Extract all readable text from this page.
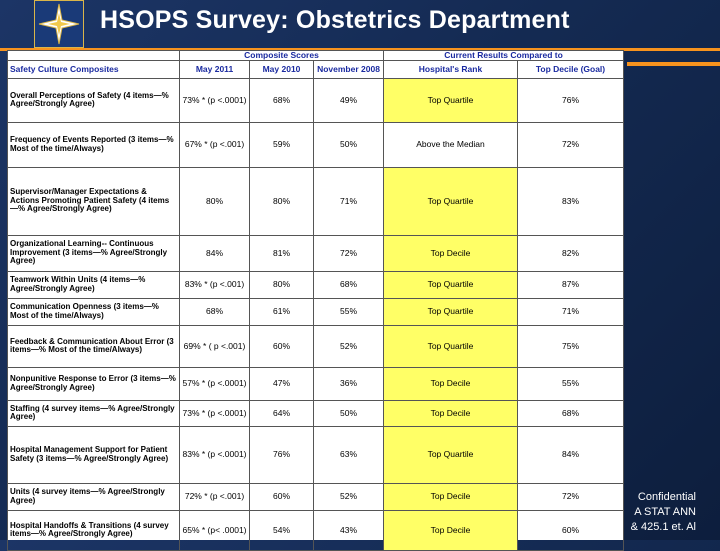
HSOPS Survey: Obstetrics Department
	Composite Scores			Current Results Compared to	
Safety Culture Composites	May 2011	May 2010	November 2008	Hospital's Rank	Top Decile (Goal)
Overall Perceptions of Safety (4 items—% Agree/Strongly Agree)	73% * (p <.0001)	68%	49%	Top Quartile	76%
Frequency of Events Reported (3 items—% Most of the time/Always)	67% * (p <.001)	59%	50%	Above the Median	72%
Supervisor/Manager Expectations & Actions Promoting Patient Safety (4 items—% Agree/Strongly Agree)	80%	80%	71%	Top Quartile	83%
Organizational Learning-- Continuous Improvement (3 items—% Agree/Strongly Agree)	84%	81%	72%	Top Decile	82%
Teamwork Within Units (4 items—% Agree/Strongly Agree)	83% * (p <.001)	80%	68%	Top Quartile	87%
Communication Openness (3 items—% Most of the time/Always)	68%	61%	55%	Top Quartile	71%
Feedback & Communication About Error (3 items—% Most of the time/Always)	69% * ( p <.001)	60%	52%	Top Quartile	75%
Nonpunitive Response to Error (3 items—% Agree/Strongly Agree)	57% * (p <.0001)	47%	36%	Top Decile	55%
Staffing (4 survey items—% Agree/Strongly Agree)	73% * (p <.0001)	64%	50%	Top Decile	68%
Hospital Management Support for Patient Safety (3 items—% Agree/Strongly Agree)	83% * (p <.0001)	76%	63%	Top Quartile	84%
Units (4 survey items—% Agree/Strongly Agree)	72% * (p <.001)	60%	52%	Top Decile	72%
Hospital Handoffs & Transitions (4 survey items—% Agree/Strongly Agree)	65% * (p< .0001)	54%	43%	Top Decile	60%
Confidential
A STAT ANN
& 425.1 et. Al
